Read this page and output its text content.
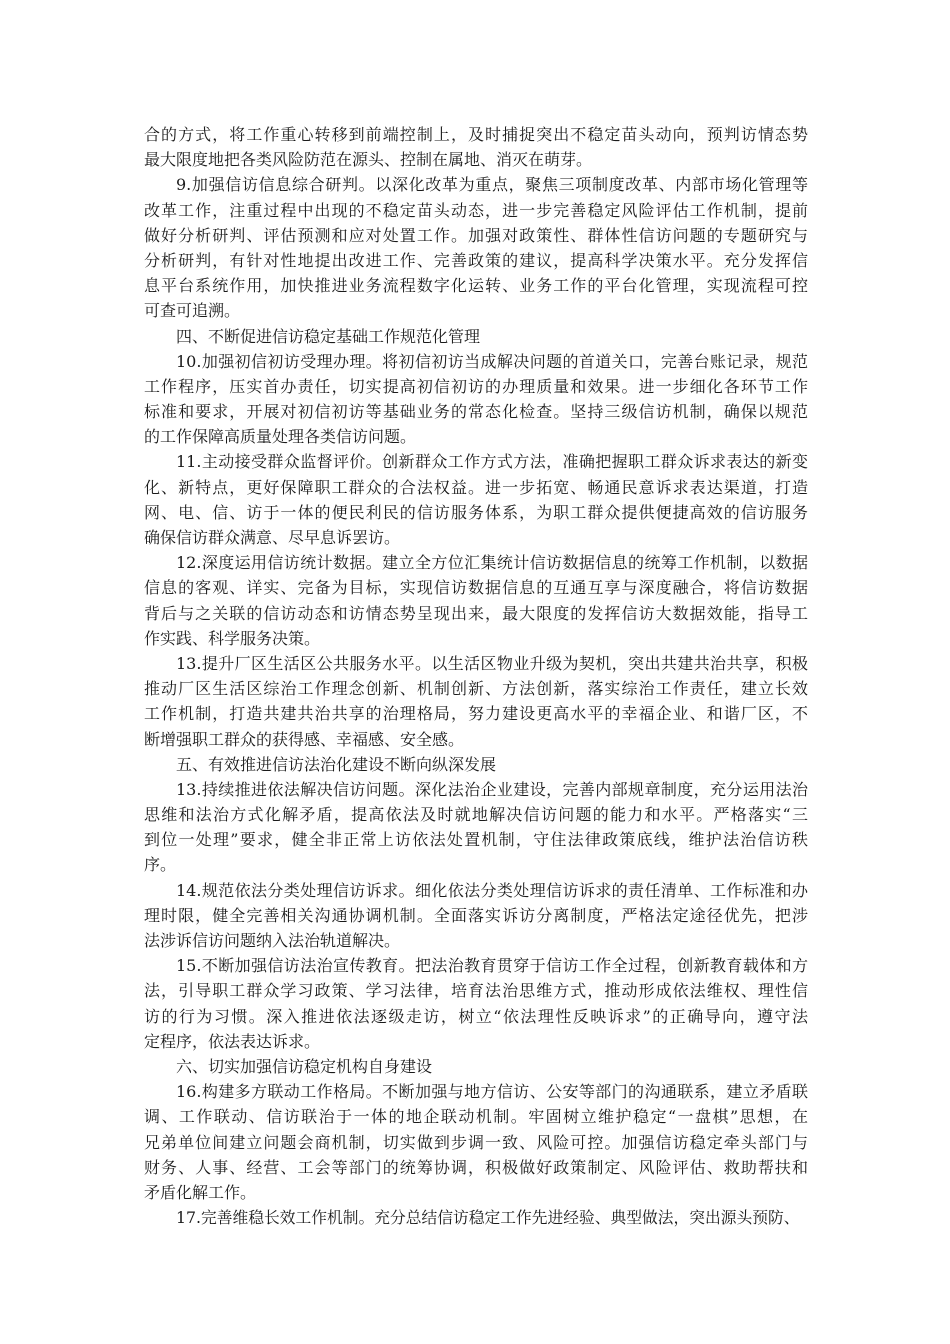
合的方式，将工作重心转移到前端控制上，及时捕捉突出不稳定苗头动向，预判访情态势
最大限度地把各类风险防范在源头、控制在属地、消灭在萌芽。
9.加强信访信息综合研判。以深化改革为重点，聚焦三项制度改革、内部市场化管理等
改革工作，注重过程中出现的不稳定苗头动态，进一步完善稳定风险评估工作机制，提前
做好分析研判、评估预测和应对处置工作。加强对政策性、群体性信访问题的专题研究与
分析研判，有针对性地提出改进工作、完善政策的建议，提高科学决策水平。充分发挥信
息平台系统作用，加快推进业务流程数字化运转、业务工作的平台化管理，实现流程可控
可查可追溯。
四、不断促进信访稳定基础工作规范化管理
10.加强初信初访受理办理。将初信初访当成解决问题的首道关口，完善台账记录，规范
工作程序，压实首办责任，切实提高初信初访的办理质量和效果。进一步细化各环节工作
标准和要求，开展对初信初访等基础业务的常态化检查。坚持三级信访机制，确保以规范
的工作保障高质量处理各类信访问题。
11.主动接受群众监督评价。创新群众工作方式方法，准确把握职工群众诉求表达的新变
化、新特点，更好保障职工群众的合法权益。进一步拓宽、畅通民意诉求表达渠道，打造
网、电、信、访于一体的便民利民的信访服务体系，为职工群众提供便捷高效的信访服务
确保信访群众满意、尽早息诉罢访。
12.深度运用信访统计数据。建立全方位汇集统计信访数据信息的统筹工作机制，以数据
信息的客观、详实、完备为目标，实现信访数据信息的互通互享与深度融合，将信访数据
背后与之关联的信访动态和访情态势呈现出来，最大限度的发挥信访大数据效能，指导工
作实践、科学服务决策。
13.提升厂区生活区公共服务水平。以生活区物业升级为契机，突出共建共治共享，积极
推动厂区生活区综治工作理念创新、机制创新、方法创新，落实综治工作责任，建立长效
工作机制，打造共建共治共享的治理格局，努力建设更高水平的幸福企业、和谐厂区，不
断增强职工群众的获得感、幸福感、安全感。
五、有效推进信访法治化建设不断向纵深发展
13.持续推进依法解决信访问题。深化法治企业建设，完善内部规章制度，充分运用法治
思维和法治方式化解矛盾，提高依法及时就地解决信访问题的能力和水平。严格落实“三
到位一处理”要求，健全非正常上访依法处置机制，守住法律政策底线，维护法治信访秩
序。
14.规范依法分类处理信访诉求。细化依法分类处理信访诉求的责任清单、工作标准和办
理时限，健全完善相关沟通协调机制。全面落实诉访分离制度，严格法定途径优先，把涉
法涉诉信访问题纳入法治轨道解决。
15.不断加强信访法治宣传教育。把法治教育贯穿于信访工作全过程，创新教育载体和方
法，引导职工群众学习政策、学习法律，培育法治思维方式，推动形成依法维权、理性信
访的行为习惯。深入推进依法逐级走访，树立“依法理性反映诉求”的正确导向，遵守法
定程序，依法表达诉求。
六、切实加强信访稳定机构自身建设
16.构建多方联动工作格局。不断加强与地方信访、公安等部门的沟通联系，建立矛盾联
调、工作联动、信访联治于一体的地企联动机制。牢固树立维护稳定“一盘棋”思想，在
兄弟单位间建立问题会商机制，切实做到步调一致、风险可控。加强信访稳定牵头部门与
财务、人事、经营、工会等部门的统筹协调，积极做好政策制定、风险评估、救助帮扶和
矛盾化解工作。
17.完善维稳长效工作机制。充分总结信访稳定工作先进经验、典型做法，突出源头预防、
